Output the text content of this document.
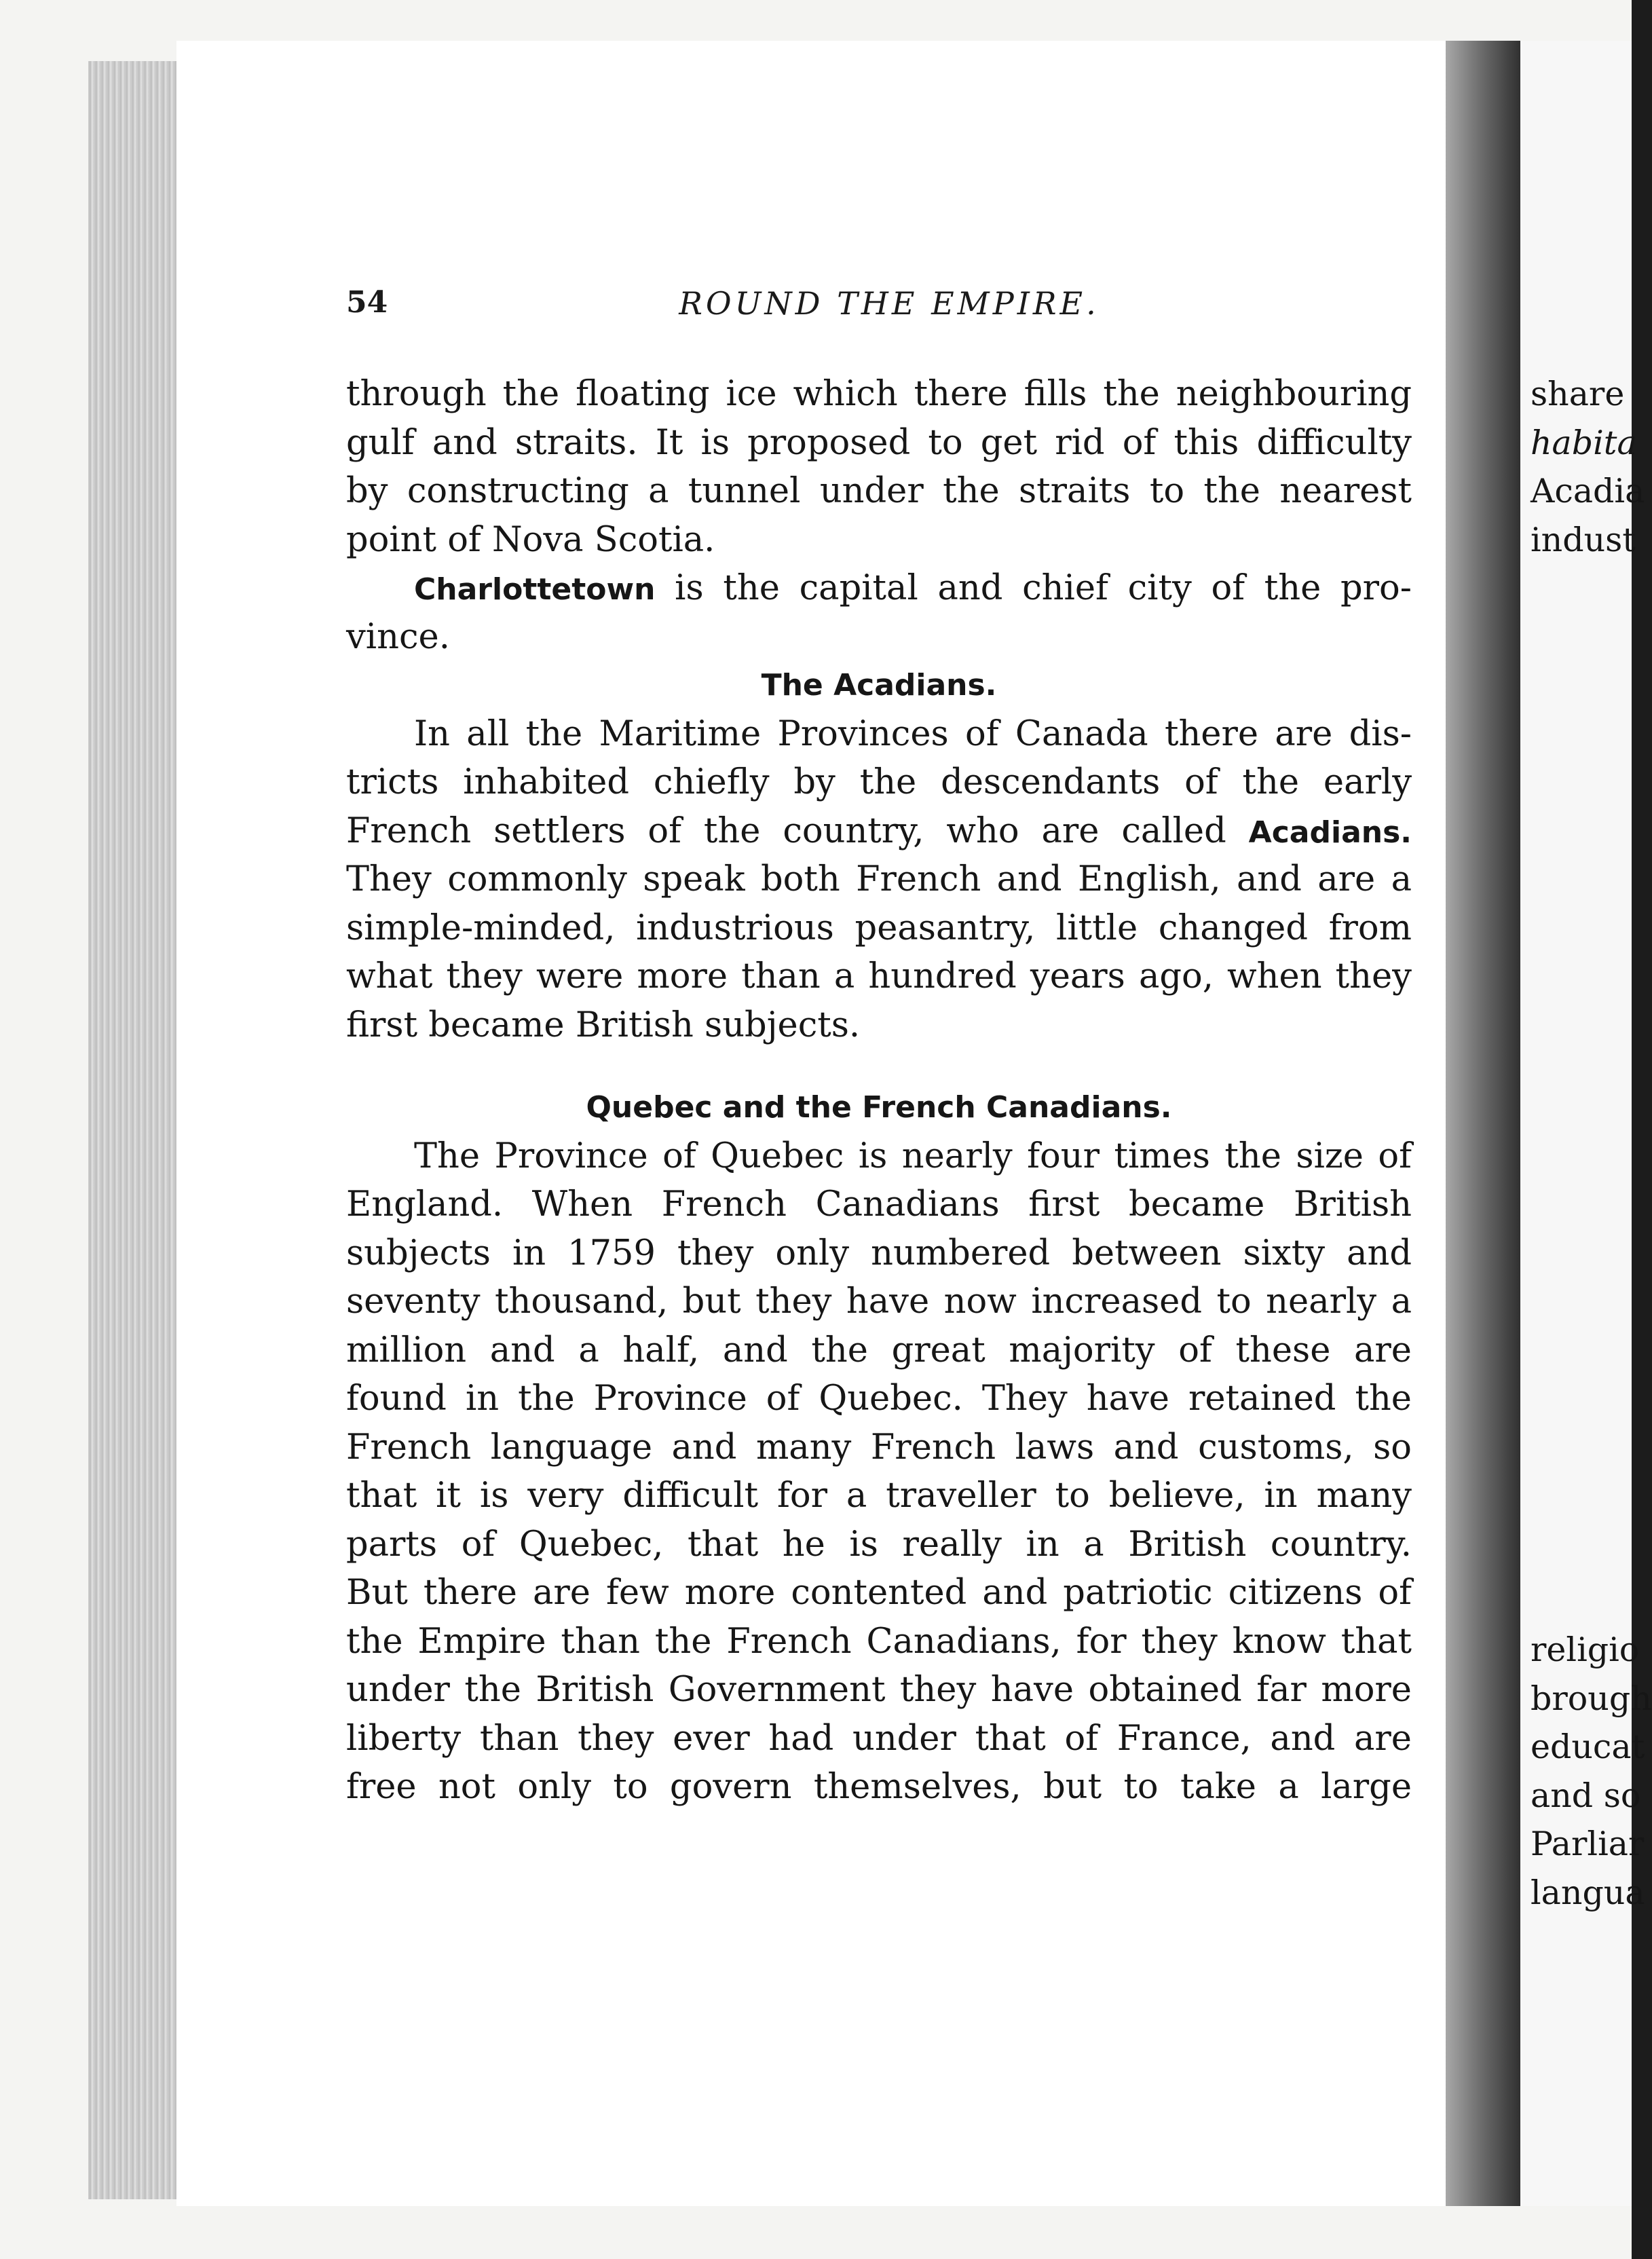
54	ROUND THE EMPIRE.
through the floating ice which there fills the neighbouring
gulf and straits. It is proposed to get rid of this difficulty
by constructing a tunnel under the straits to the nearest
point of Nova Scotia.
Charlottetown is the capital and chief city of the pro-
vince.
The Acadians.
In all the Maritime Provinces of Canada there are dis-
tricts inhabited chiefly by the descendants of the early
French settlers of the country, who are called Acadians.
They commonly speak both French and English, and are a
simple-minded, industrious peasantry, little changed from
what they were more than a hundred years ago, when they
first became British subjects.
Quebec and the French Canadians.
The Province of Quebec is nearly four times the size of
England. When French Canadians first became British
subjects in 1759 they only numbered between sixty and
seventy thousand, but they have now increased to nearly a
million and a half, and the great majority of these are
found in the Province of Quebec. They have retained the
French language and many French laws and customs, so
that it is very difficult for a traveller to believe, in many
parts of Quebec, that he is really in a British country.
But there are few more contented and patriotic citizens of
the Empire than the French Canadians, for they know that
under the British Government they have obtained far more
liberty than they ever had under that of France, and are
free not only to govern themselves, but to take a large
share
habita
Acadia
indust
religio
brough
educat
and so
Parliar
langua
